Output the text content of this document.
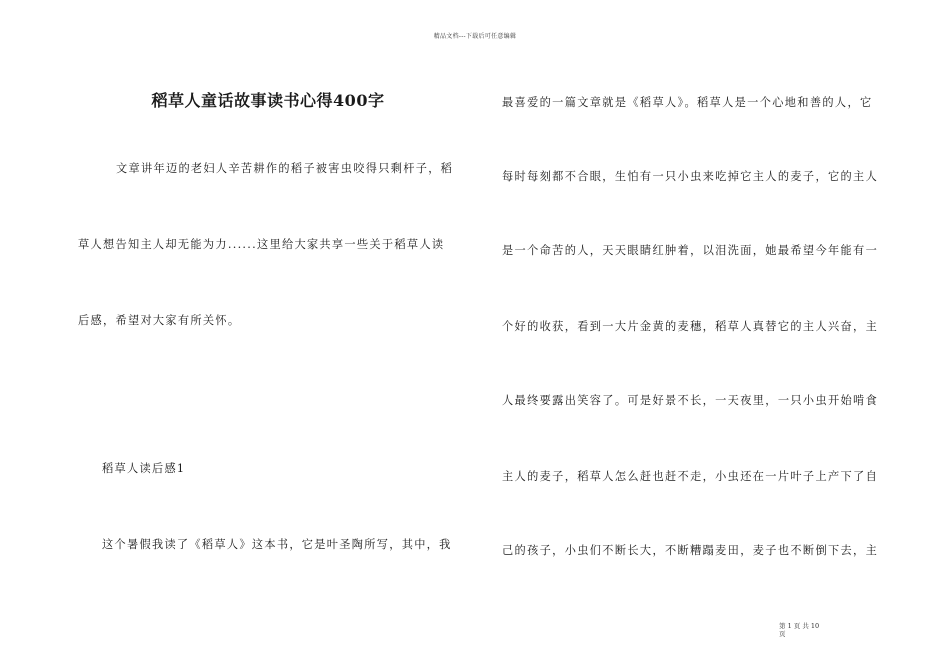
精品文档---下载后可任意编辑
稻草人童话故事读书心得400字
文章讲年迈的老妇人辛苦耕作的稻子被害虫咬得只剩杆子，稻
草人想告知主人却无能为力......这里给大家共享一些关于稻草人读
后感，希望对大家有所关怀。
稻草人读后感1
这个暑假我读了《稻草人》这本书，它是叶圣陶所写，其中，我
最喜爱的一篇文章就是《稻草人》。稻草人是一个心地和善的人，它
每时每刻都不合眼，生怕有一只小虫来吃掉它主人的麦子，它的主人
是一个命苦的人，天天眼睛红肿着，以泪洗面，她最希望今年能有一
个好的收获，看到一大片金黄的麦穗，稻草人真替它的主人兴奋，主
人最终要露出笑容了。可是好景不长，一天夜里，一只小虫开始啃食
主人的麦子，稻草人怎么赶也赶不走，小虫还在一片叶子上产下了自
己的孩子，小虫们不断长大，不断糟蹋麦田，麦子也不断倒下去，主
第 1 页 共 10
页
